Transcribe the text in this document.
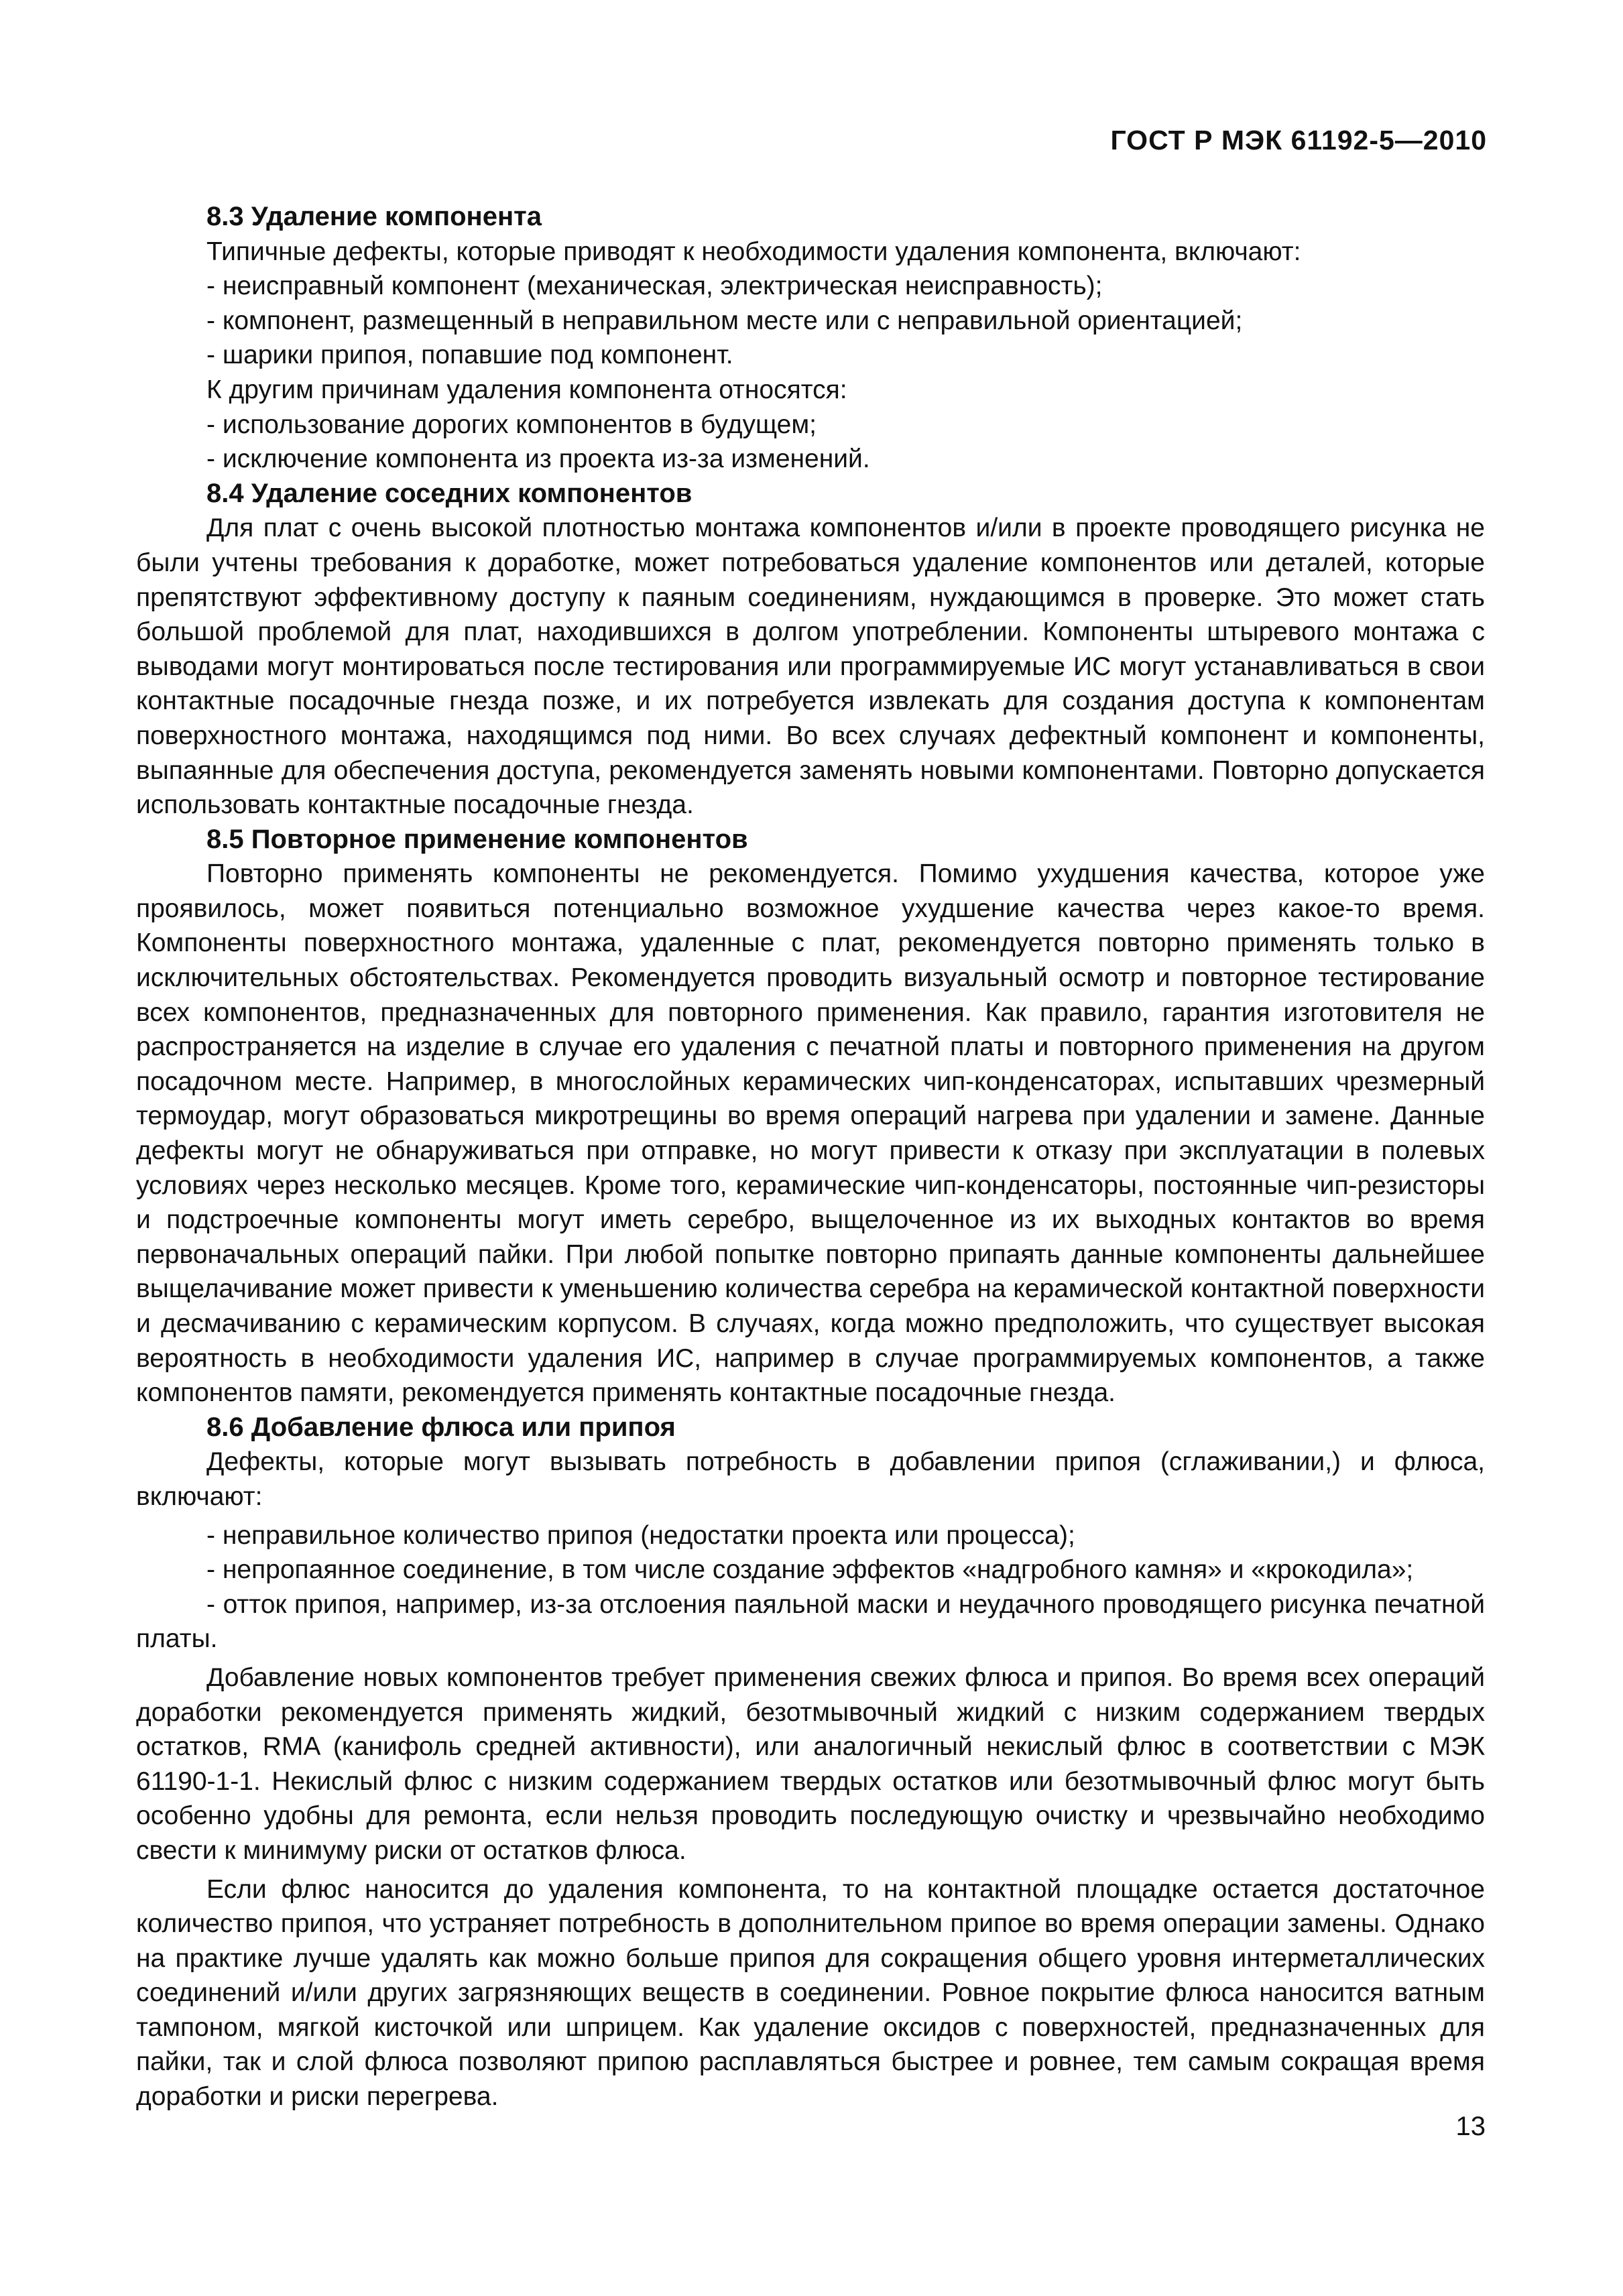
ГОСТ Р МЭК 61192-5—2010

8.3 Удаление компонента

Типичные дефекты, которые приводят к необходимости удаления компонента, включают:

- неисправный компонент (механическая, электрическая неисправность);

- компонент, размещенный в неправильном месте или с неправильной ориентацией;

- шарики припоя, попавшие под компонент.

К другим причинам удаления компонента относятся:

- использование дорогих компонентов в будущем;

- исключение компонента из проекта из-за изменений.

8.4 Удаление соседних компонентов

Для плат с очень высокой плотностью монтажа компонентов и/или в проекте проводящего рисунка не были учтены требования к доработке, может потребоваться удаление компонентов или деталей, которые препятствуют эффективному доступу к паяным соединениям, нуждающимся в проверке. Это может стать большой проблемой для плат, находившихся в долгом употреблении. Компоненты штыревого монтажа с выводами могут монтироваться после тестирования или программируемые ИС могут устанавливаться в свои контактные посадочные гнезда позже, и их потребуется извлекать для создания доступа к компонентам поверхностного монтажа, находящимся под ними. Во всех случаях дефектный компонент и компоненты, выпаянные для обеспечения доступа, рекомендуется заменять новыми компонентами. Повторно допускается использовать контактные посадочные гнезда.

8.5 Повторное применение компонентов

Повторно применять компоненты не рекомендуется. Помимо ухудшения качества, которое уже проявилось, может появиться потенциально возможное ухудшение качества через какое-то время. Компоненты поверхностного монтажа, удаленные с плат, рекомендуется повторно применять только в исключительных обстоятельствах. Рекомендуется проводить визуальный осмотр и повторное тестирование всех компонентов, предназначенных для повторного применения. Как правило, гарантия изготовителя не распространяется на изделие в случае его удаления с печатной платы и повторного применения на другом посадочном месте. Например, в многослойных керамических чип-конденсаторах, испытавших чрезмерный термоудар, могут образоваться микротрещины во время операций нагрева при удалении и замене. Данные дефекты могут не обнаруживаться при отправке, но могут привести к отказу при эксплуатации в полевых условиях через несколько месяцев. Кроме того, керамические чип-конденсаторы, постоянные чип-резисторы и подстроечные компоненты могут иметь серебро, выщелоченное из их выходных контактов во время первоначальных операций пайки. При любой попытке повторно припаять данные компоненты дальнейшее выщелачивание может привести к уменьшению количества серебра на керамической контактной поверхности и десмачиванию с керамическим корпусом. В случаях, когда можно предположить, что существует высокая вероятность в необходимости удаления ИС, например в случае программируемых компонентов, а также компонентов памяти, рекомендуется применять контактные посадочные гнезда.

8.6 Добавление флюса или припоя

Дефекты, которые могут вызывать потребность в добавлении припоя (сглаживании,) и флюса, включают:

- неправильное количество припоя (недостатки проекта или процесса);

- непропаянное соединение, в том числе создание эффектов «надгробного камня» и «крокодила»;

- отток припоя, например, из-за отслоения паяльной маски и неудачного проводящего рисунка печатной платы.

Добавление новых компонентов требует применения свежих флюса и припоя. Во время всех операций доработки рекомендуется применять жидкий, безотмывочный жидкий с низким содержанием твердых остатков, RMA (канифоль средней активности), или аналогичный некислый флюс в соответствии с МЭК 61190-1-1. Некислый флюс с низким содержанием твердых остатков или безотмывочный флюс могут быть особенно удобны для ремонта, если нельзя проводить последующую очистку и чрезвычайно необходимо свести к минимуму риски от остатков флюса.

Если флюс наносится до удаления компонента, то на контактной площадке остается достаточное количество припоя, что устраняет потребность в дополнительном припое во время операции замены. Однако на практике лучше удалять как можно больше припоя для сокращения общего уровня интерметаллических соединений и/или других загрязняющих веществ в соединении. Ровное покрытие флюса наносится ватным тампоном, мягкой кисточкой или шприцем. Как удаление оксидов с поверхностей, предназначенных для пайки, так и слой флюса позволяют припою расплавляться быстрее и ровнее, тем самым сокращая время доработки и риски перегрева.

13
